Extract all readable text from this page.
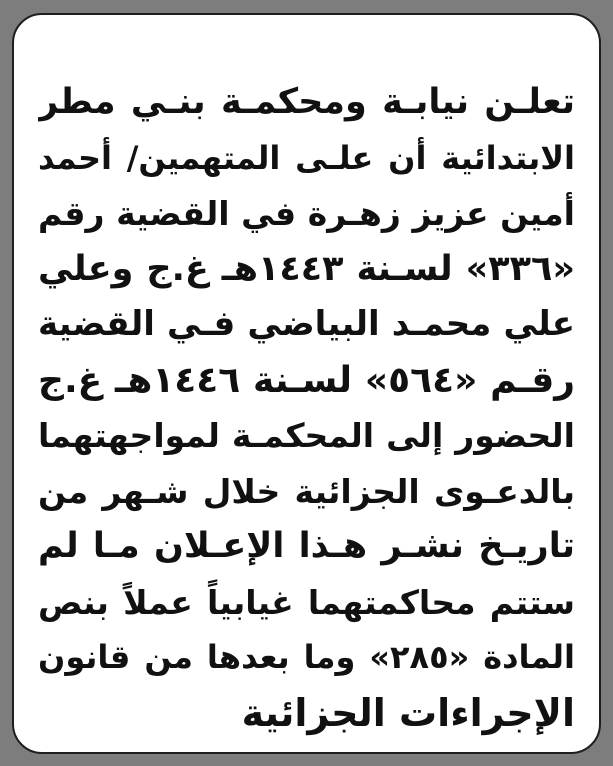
تعلـن نيابـة ومحكمـة بنـي مطر
الابتدائية أن علـى المتهمين/ أحمد
أمين عزيز زهـرة في القضية رقم
«٣٣٦» لسـنة ١٤٤٣هـ غ.ج وعلي
علي محمـد البياضي فـي القضية
رقـم «٥٦٤» لسـنة ١٤٤٦هـ غ.ج
الحضور إلى المحكمـة لمواجهتهما
بالدعـوى الجزائية خلال شـهر من
تاريـخ نشـر هـذا الإعـلان مـا لم
ستتم محاكمتهما غيابياً عملاً بنص
المادة «٢٨٥» وما بعدها من قانون
الإجراءات الجزائية
